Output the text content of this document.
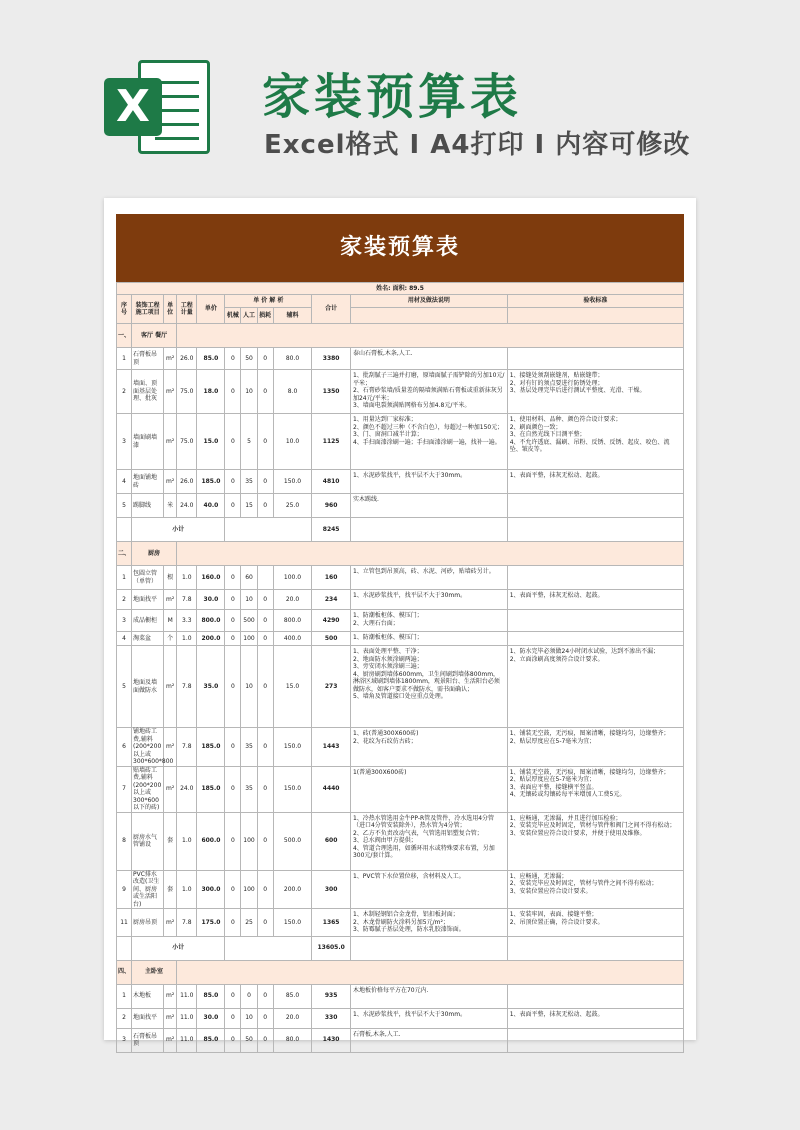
X 家装预算表
Excel格式 I A4打印 I 内容可修改
家装预算表
姓名: 面积: 89.5											
序 号	装饰工程施工项目	单位	工程计量	单价	单 价 解 析				合计	用材及做法说明	验收标准
					机械	人工	损耗	辅料			
一、	客厅 餐厅										
1	石膏板吊顶	m²	26.0	85.0	0	50	0	80.0	3380	泰山石膏板,木条,人工.	
2	墙面、顶面基层处理、批灰	m²	75.0	18.0	0	10	0	8.0	1350	1、批刮腻子三遍并打磨，原墙面腻子需铲除的另加10元/平米；
2、石膏砂浆墙/质量差的隔墙须满贴石膏板或重新抹灰另加24元/平米；
3、墙面电裂须满贴网格布另加4.8元/平米。	1、接缝处须刮嵌缝剂，贴嵌缝带；
2、对有钉的须点要进行防锈处理；
3、基层处理完毕后进行测试平整度、光滑、干燥。
3	墙面刷墙漆	m²	75.0	15.0	0	5	0	10.0	1125	1、用量达到厂家标准；
2、颜色不超过三种（不含白色），每超过一种加150元；
3、门、窗洞口减半计算；
4、手扫面漆涂刷一遍；手扫面漆涂刷一遍，找补一遍。	1、使用材料、品种、颜色符合设计要求；
2、刷面颜色一致；
3、在自然光线下目测平整；
4、不允许透底、漏刷、吊粉、反锈、反锈、起皮、咬色、流坠、皱皮等。
4	地面铺地砖	m²	26.0	185.0	0	35	0	150.0	4810	1、水泥砂浆找平，找平层不大于30mm。	1、表面平整，抹灰无松动、起鼓。
5	踢脚线	米	24.0	40.0	0	15	0	25.0	960	实木踢线.	
	小计								8245		
二、	厨房										
1	包圆立管（单管）	根	1.0	160.0	0	60		100.0	160	1、立管包到吊顶高，砖、水泥、河砂，贴墙砖另计。	
2	地面找平	m²	7.8	30.0	0	10	0	20.0	234	1、水泥砂浆找平，找平层不大于30mm。	1、表面平整，抹灰无松动、起鼓。
3	成品橱柜	M	3.3	800.0	0	500	0	800.0	4290	1、防潮板柜体、模压门；
2、大理石台面；	
4	淘菜盆	个	1.0	200.0	0	100	0	400.0	500	1、防潮板柜体、模压门；	
5	地面及墙面做防水	m²	7.8	35.0	0	10	0	15.0	273	1、表面处理平整、干净；
2、地面防水须涂刷两遍；
3、旁安闭水须涂刷三遍；
4、厨房刷到墙体600mm，卫生间刷到墙体800mm，淋浴区域刷到墙体1800mm，观景阳台、生活阳台必须做防水，如客户要求不做防水，需书面确认；
5、墙角及管道接口处应重点处理。	1、防水完毕必须做24小时闭水试验，达到不渗出不漏；
2、立面涂刷高度须符合设计要求。
6	铺地砖工费,辅料(200*200以上或300*600*800	m²	7.8	185.0	0	35	0	150.0	1443	1、砖(普通300X600砖)
2、花纹为石纹仿古砖；	1、铺装无空鼓，无污痕，图案清晰，接缝均匀，边缘整齐；
2、贴层厚度应在5-7毫米为宜；
7	贴墙砖工费,辅料(200*200以上或300*600以下的砖)	m²	24.0	185.0	0	35	0	150.0	4440	1(普通300X600砖)	1、铺装无空鼓，无污痕，图案清晰，接缝均匀，边缘整齐；
2、贴层厚度应在5-7毫米为宜；
3、表面应平整，接缝横平竖直。
4、无镶砖或勾镶砖每平米增加人工费5元。
8	厨房水气管铺设	套	1.0	600.0	0	100	0	500.0	600	1、冷热水管选用金牛PP-R管及管件，冷水选用4分管（进口4分管安装除外），热水管为4分管；
2、乙方不负责改动气表，气管选用铝塑复合管；
3、总水阀由甲方提供；
4、管道合理选用，如循环用水或特殊要求布置，另加300元/套计算。	1、应畅通，无渗漏，并且进行加压检验；
2、安装完毕应及时固定，管材与管件和阀门之间不得有松动；
3、安装位置应符合设计要求，并便于使用及维修。
9	PVC排水改造(卫生间、厨房或生活阳台)	套	1.0	300.0	0	100	0	200.0	300	1、PVC管下水位置位移，含材料及人工。	1、应畅通，无渗漏；
2、安装完毕应及时固定，管材与管件之间不得有松动；
3、安装位置应符合设计要求。
11	厨房吊顶	m²	7.8	175.0	0	25	0	150.0	1365	1、木制轻钢铝合金龙骨，铝扣板封面；
2、木龙骨刷防火涂料另加5元/m²；
3、防霉腻子基层处理，防水乳胶漆饰面。	1、安装牢固，表面、接缝平整；
2、吊顶位置正确，符合设计要求。
	小计								13605.0		
四、	主卧室										
1	木地板	m²	11.0	85.0	0	0	0	85.0	935	木地板价格每平方在70元内.	
2	地面找平	m²	11.0	30.0	0	10	0	20.0	330	1、水泥砂浆找平，找平层不大于30mm。	1、表面平整，抹灰无松动、起鼓。
3	石膏板吊顶	m²	11.0	85.0	0	50	0	80.0	1430	石膏板,木条,人工.	
